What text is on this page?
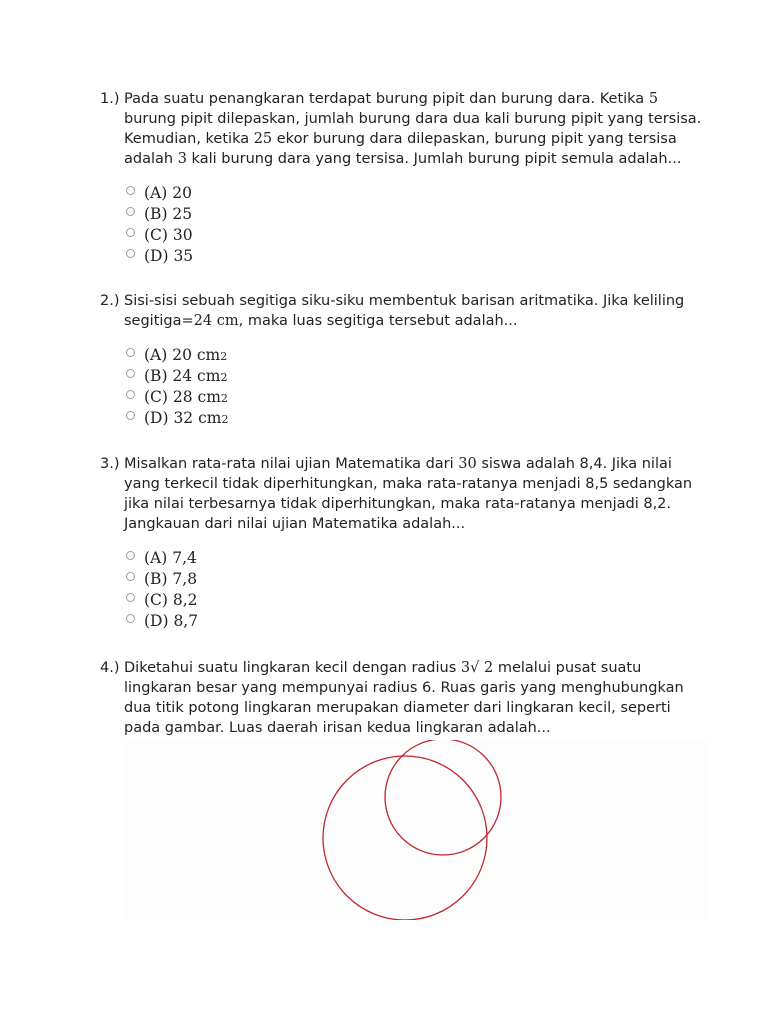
1.) Pada suatu penangkaran terdapat burung pipit dan burung dara. Ketika 5 burung pipit dilepaskan, jumlah burung dara dua kali burung pipit yang tersisa. Kemudian, ketika 25 ekor burung dara dilepaskan, burung pipit yang tersisa adalah 3 kali burung dara yang tersisa. Jumlah burung pipit semula adalah...
(A) 20
(B) 25
(C) 30
(D) 35
2.) Sisi-sisi sebuah segitiga siku-siku membentuk barisan aritmatika. Jika keliling segitiga=24 cm, maka luas segitiga tersebut adalah...
(A) 20 cm2
(B) 24 cm2
(C) 28 cm2
(D) 32 cm2
3.) Misalkan rata-rata nilai ujian Matematika dari 30 siswa adalah 8,4. Jika nilai yang terkecil tidak diperhitungkan, maka rata-ratanya menjadi 8,5 sedangkan jika nilai terbesarnya tidak diperhitungkan, maka rata-ratanya menjadi 8,2. Jangkauan dari nilai ujian Matematika adalah...
(A) 7,4
(B) 7,8
(C) 8,2
(D) 8,7
4.) Diketahui suatu lingkaran kecil dengan radius 3√ 2 melalui pusat suatu lingkaran besar yang mempunyai radius 6. Ruas garis yang menghubungkan dua titik potong lingkaran merupakan diameter dari lingkaran kecil, seperti pada gambar. Luas daerah irisan kedua lingkaran adalah...
